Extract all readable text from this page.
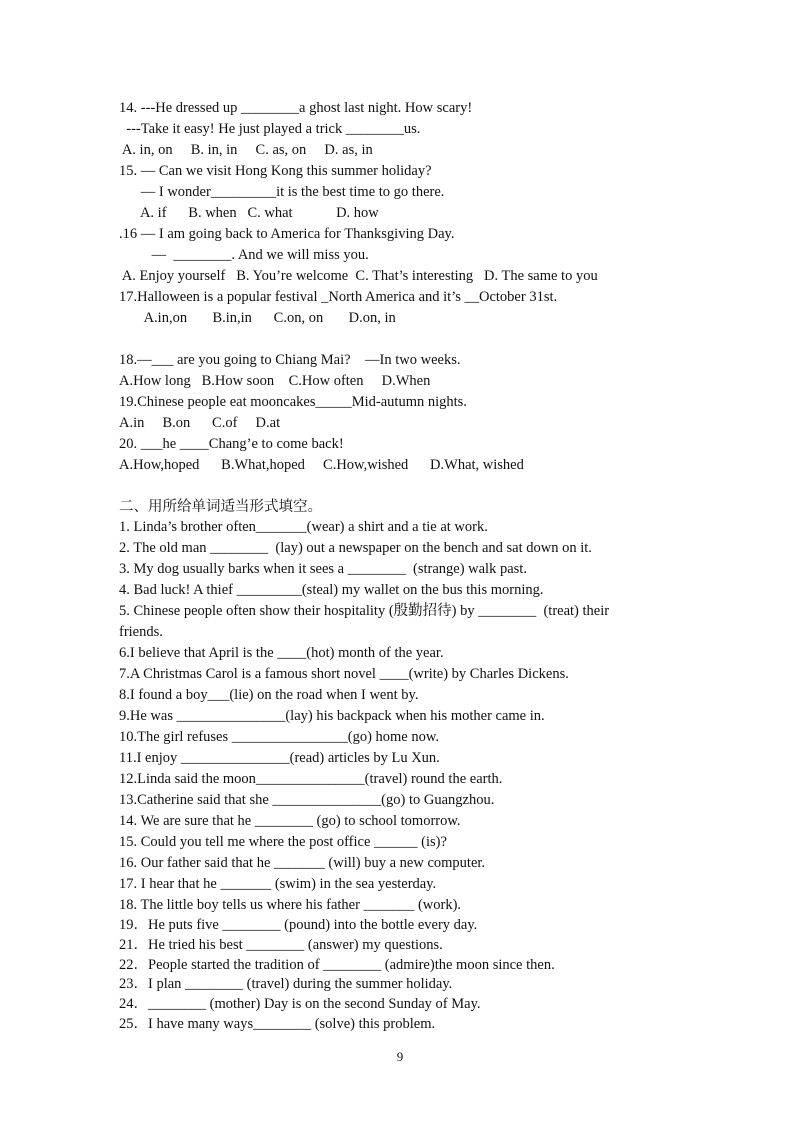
14. ---He dressed up ________a ghost last night. How scary!
---Take it easy! He just played a trick ________us.
A. in, on     B. in, in     C. as, on     D. as, in
15. — Can we visit Hong Kong this summer holiday?
— I wonder_________it is the best time to go there.
A. if      B. when   C. what            D. how
.16 — I am going back to America for Thanksgiving Day.
—  ________. And we will miss you.
A. Enjoy yourself   B. You’re welcome  C. That’s interesting   D. The same to you
17.Halloween is a popular festival _North America and it’s __October 31st.
A.in,on       B.in,in      C.on, on       D.on, in
18.—___ are you going to Chiang Mai?    —In two weeks.
A.How long   B.How soon    C.How often     D.When
19.Chinese people eat mooncakes_____Mid-autumn nights.
A.in     B.on      C.of     D.at
20. ___he ____Chang’e to come back!
A.How,hoped      B.What,hoped     C.How,wished      D.What, wished
二、用所给单词适当形式填空。
1. Linda’s brother often_______(wear) a shirt and a tie at work.
2. The old man ________  (lay) out a newspaper on the bench and sat down on it.
3. My dog usually barks when it sees a ________  (strange) walk past.
4. Bad luck! A thief _________(steal) my wallet on the bus this morning.
5. Chinese people often show their hospitality (殷勤招待) by ________  (treat) their
friends.
6.I believe that April is the ____(hot) month of the year.
7.A Christmas Carol is a famous short novel ____(write) by Charles Dickens.
8.I found a boy___(lie) on the road when I went by.
9.He was _______________(lay) his backpack when his mother came in.
10.The girl refuses ________________(go) home now.
11.I enjoy _______________(read) articles by Lu Xun.
12.Linda said the moon_______________(travel) round the earth.
13.Catherine said that she _______________(go) to Guangzhou.
14. We are sure that he ________ (go) to school tomorrow.
15. Could you tell me where the post office ______ (is)?
16. Our father said that he _______ (will) buy a new computer.
17. I hear that he _______ (swim) in the sea yesterday.
18. The little boy tells us where his father _______ (work).
19．He puts five ________ (pound) into the bottle every day.
21．He tried his best ________ (answer) my questions.
22．People started the tradition of ________ (admire)the moon since then.
23．I plan ________ (travel) during the summer holiday.
24．________ (mother) Day is on the second Sunday of May.
25．I have many ways________ (solve) this problem.
9
